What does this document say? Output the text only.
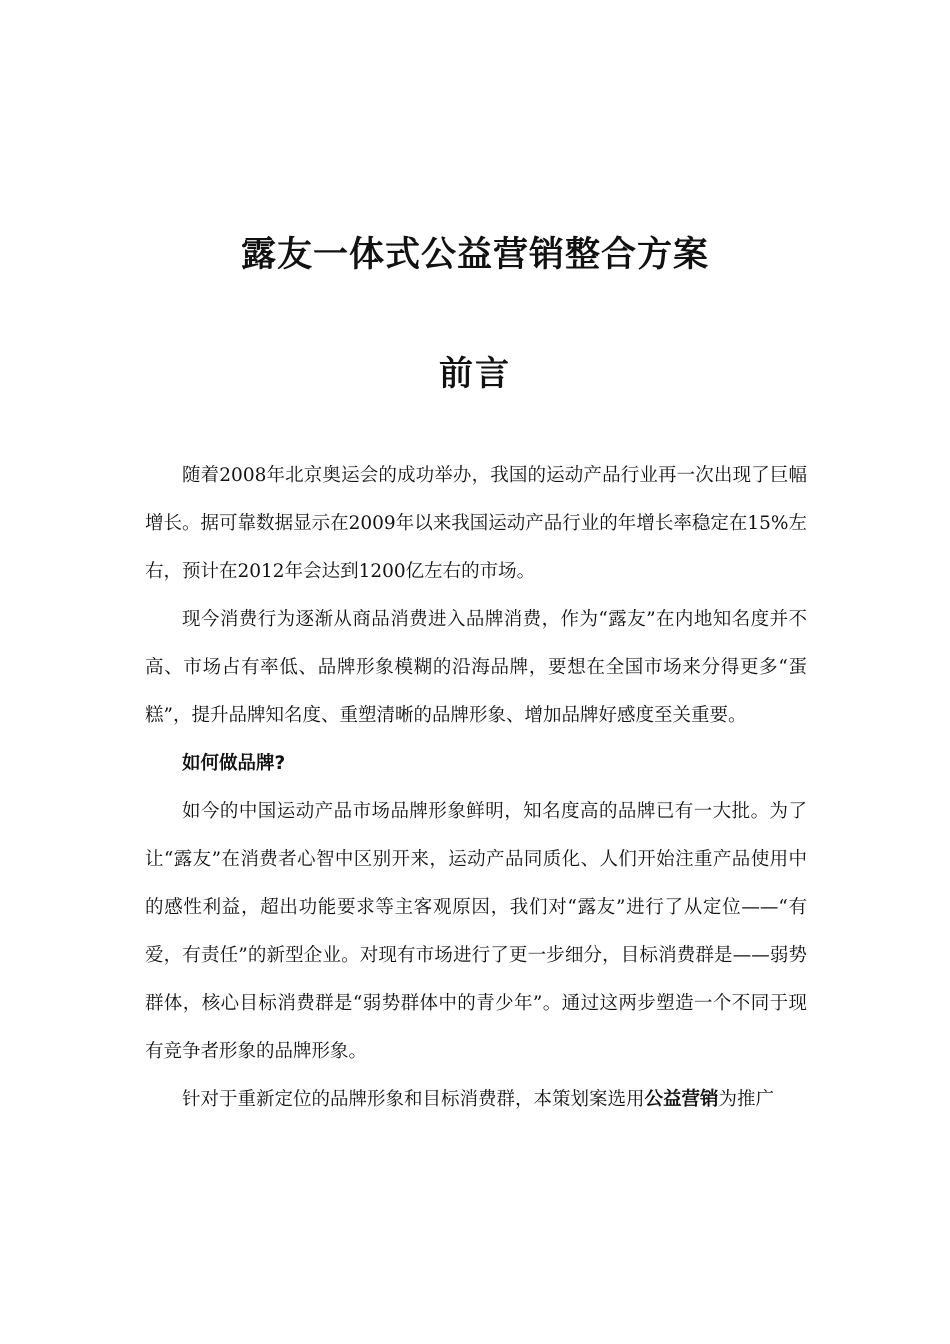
露友一体式公益营销整合方案
前言

随着2008年北京奥运会的成功举办，我国的运动产品行业再一次出现了巨幅增长。据可靠数据显示在2009年以来我国运动产品行业的年增长率稳定在15%左右，预计在2012年会达到1200亿左右的市场。

现今消费行为逐渐从商品消费进入品牌消费，作为“露友”在内地知名度并不高、市场占有率低、品牌形象模糊的沿海品牌，要想在全国市场来分得更多“蛋糕”，提升品牌知名度、重塑清晰的品牌形象、增加品牌好感度至关重要。

如何做品牌?

如今的中国运动产品市场品牌形象鲜明，知名度高的品牌已有一大批。为了让“露友”在消费者心智中区别开来，运动产品同质化、人们开始注重产品使用中的感性利益，超出功能要求等主客观原因，我们对“露友”进行了从定位——“有爱，有责任”的新型企业。对现有市场进行了更一步细分，目标消费群是——弱势群体，核心目标消费群是“弱势群体中的青少年”。通过这两步塑造一个不同于现有竞争者形象的品牌形象。

针对于重新定位的品牌形象和目标消费群，本策划案选用公益营销为推广
